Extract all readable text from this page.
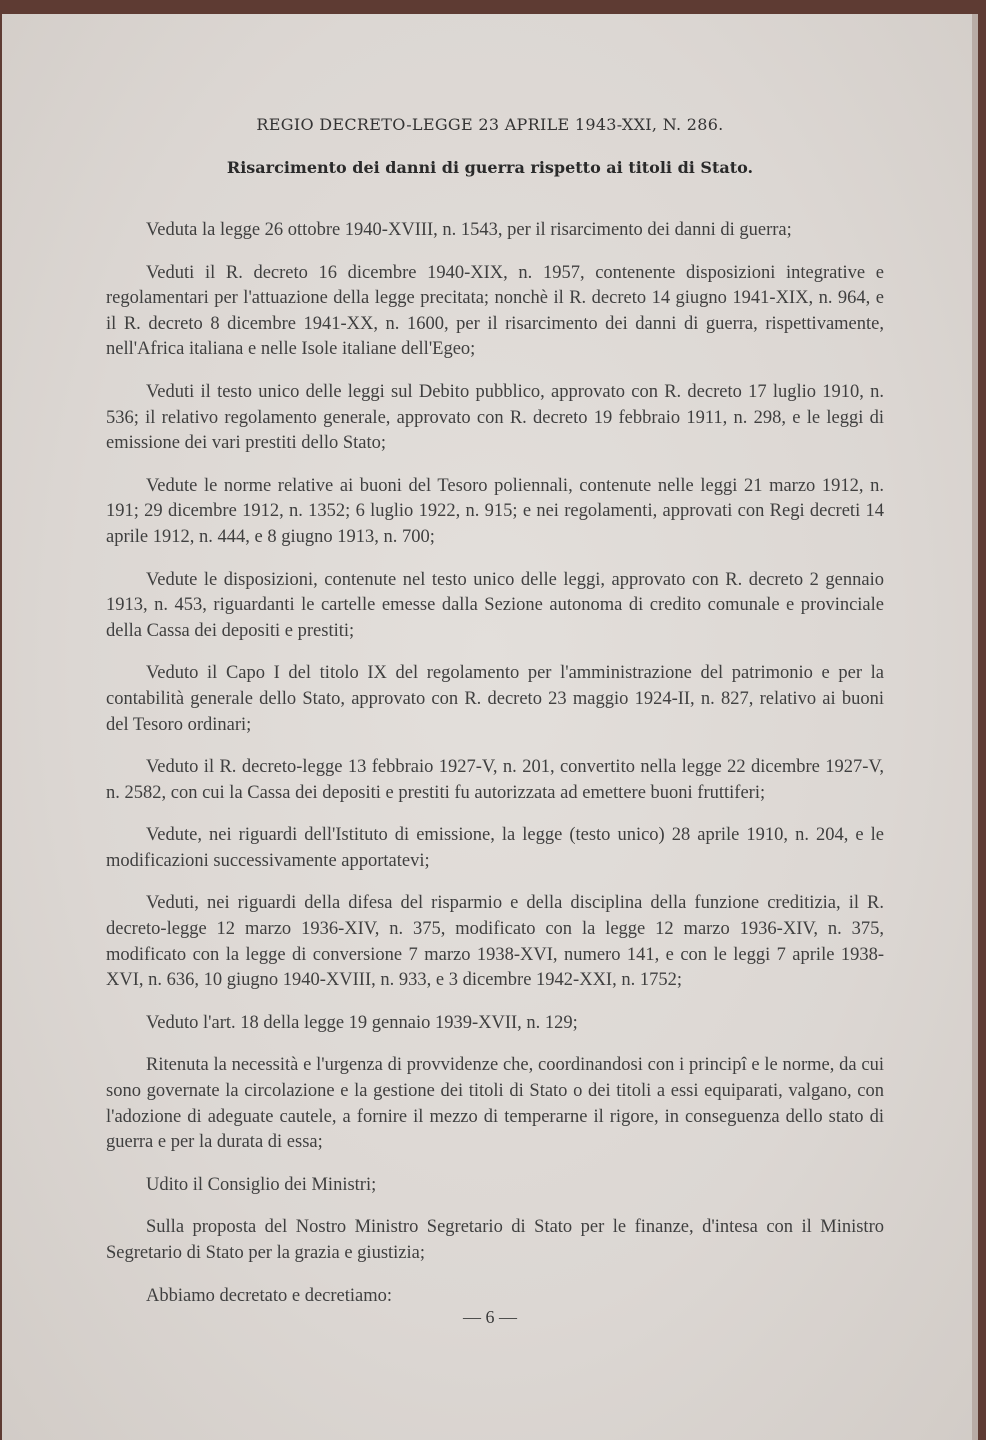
REGIO DECRETO-LEGGE 23 APRILE 1943-XXI, N. 286.
Risarcimento dei danni di guerra rispetto ai titoli di Stato.

Veduta la legge 26 ottobre 1940-XVIII, n. 1543, per il risarcimento dei danni di guerra;

Veduti il R. decreto 16 dicembre 1940-XIX, n. 1957, contenente disposizioni integrative e regolamentari per l'attuazione della legge precitata; nonchè il R. decreto 14 giugno 1941-XIX, n. 964, e il R. decreto 8 dicembre 1941-XX, n. 1600, per il risarcimento dei danni di guerra, rispettivamente, nell'Africa italiana e nelle Isole italiane dell'Egeo;

Veduti il testo unico delle leggi sul Debito pubblico, approvato con R. decreto 17 luglio 1910, n. 536; il relativo regolamento generale, approvato con R. decreto 19 febbraio 1911, n. 298, e le leggi di emissione dei vari prestiti dello Stato;

Vedute le norme relative ai buoni del Tesoro poliennali, contenute nelle leggi 21 marzo 1912, n. 191; 29 dicembre 1912, n. 1352; 6 luglio 1922, n. 915; e nei regolamenti, approvati con Regi decreti 14 aprile 1912, n. 444, e 8 giugno 1913, n. 700;

Vedute le disposizioni, contenute nel testo unico delle leggi, approvato con R. decreto 2 gennaio 1913, n. 453, riguardanti le cartelle emesse dalla Sezione autonoma di credito comunale e provinciale della Cassa dei depositi e prestiti;

Veduto il Capo I del titolo IX del regolamento per l'amministrazione del patrimonio e per la contabilità generale dello Stato, approvato con R. decreto 23 maggio 1924-II, n. 827, relativo ai buoni del Tesoro ordinari;

Veduto il R. decreto-legge 13 febbraio 1927-V, n. 201, convertito nella legge 22 dicembre 1927-V, n. 2582, con cui la Cassa dei depositi e prestiti fu autorizzata ad emettere buoni fruttiferi;

Vedute, nei riguardi dell'Istituto di emissione, la legge (testo unico) 28 aprile 1910, n. 204, e le modificazioni successivamente apportatevi;

Veduti, nei riguardi della difesa del risparmio e della disciplina della funzione creditizia, il R. decreto-legge 12 marzo 1936-XIV, n. 375, modificato con la legge 12 marzo 1936-XIV, n. 375, modificato con la legge di conversione 7 marzo 1938-XVI, numero 141, e con le leggi 7 aprile 1938-XVI, n. 636, 10 giugno 1940-XVIII, n. 933, e 3 dicembre 1942-XXI, n. 1752;

Veduto l'art. 18 della legge 19 gennaio 1939-XVII, n. 129;

Ritenuta la necessità e l'urgenza di provvidenze che, coordinandosi con i principî e le norme, da cui sono governate la circolazione e la gestione dei titoli di Stato o dei titoli a essi equiparati, valgano, con l'adozione di adeguate cautele, a fornire il mezzo di temperarne il rigore, in conseguenza dello stato di guerra e per la durata di essa;

Udito il Consiglio dei Ministri;

Sulla proposta del Nostro Ministro Segretario di Stato per le finanze, d'intesa con il Ministro Segretario di Stato per la grazia e giustizia;

Abbiamo decretato e decretiamo:

— 6 —
